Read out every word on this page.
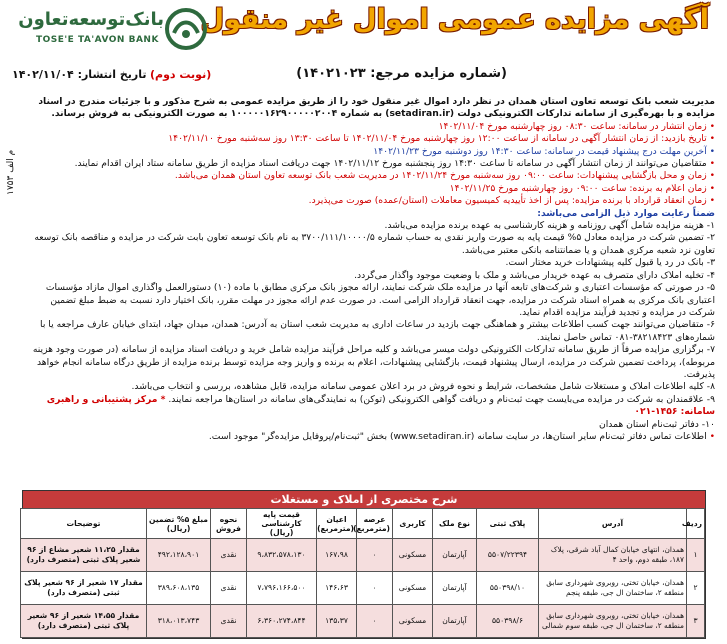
آگهی مزایده عمومی اموال غیر منقول
بانک‌توسعه‌تعاون
TOSE'E TA'AVON BANK
(شماره مزایده مرجع: ۱۴۰۲۱۰۲۳)
(نوبت دوم)
تاریخ انتشار: ۱۴۰۲/۱۱/۰۴
م الف ۱۷۵۳

مدیریت شعب بانک توسعه تعاون استان همدان در نظر دارد اموال غیر منقول خود را از طریق مزایده عمومی به شرح مذکور و با جزئیات مندرج در اسناد مزایده و با بهره‌گیری از سامانه تدارکات الکترونیکی دولت (setadiran.ir) به شماره ۱۰۰۰۰۰۱۶۲۹۰۰۰۰۰۲۰۰۴ به صورت الکترونیکی به فروش برساند.

• زمان انتشار در سامانه: ساعت ۰۸:۳۰ روز چهارشنبه مورخ ۱۴۰۲/۱۱/۰۴

• تاریخ بازدید: از زمان انتشار آگهی در سامانه از ساعت ۱۲:۰۰ روز چهارشنبه مورخ ۱۴۰۲/۱۱/۰۴ تا ساعت ۱۳:۳۰ روز سه‌شنبه مورخ ۱۴۰۲/۱۱/۱۰

• آخرین مهلت درج پیشنهاد قیمت در سامانه: ساعت ۱۴:۳۰ روز دوشنبه مورخ ۱۴۰۲/۱۱/۲۳

• متقاضیان می‌توانند از زمان انتشار آگهی در سامانه تا ساعت ۱۴:۳۰ روز پنجشنبه مورخ ۱۴۰۲/۱۱/۱۲ جهت دریافت اسناد مزایده از طریق سامانه ستاد ایران اقدام نمایند.

• زمان و محل بازگشایی پیشنهادات: ساعت ۰۹:۰۰ روز سه‌شنبه مورخ ۱۴۰۲/۱۱/۲۴ در مدیریت شعب بانک توسعه تعاون استان همدان می‌باشد.

• زمان اعلام به برنده: ساعت ۰۹:۰۰ روز چهارشنبه مورخ ۱۴۰۲/۱۱/۲۵

• زمان انعقاد قرارداد با برنده مزایده: پس از اخذ تأییدیه کمیسیون معاملات (استان/عمده) صورت می‌پذیرد.

ضمناً رعایت موارد ذیل الزامی می‌باشد:

۱- هزینه مزایده شامل آگهی روزنامه و هزینه کارشناسی به عهده برنده مزایده می‌باشد.

۲- تضمین شرکت در مزایده معادل ۵% قیمت پایه به صورت واریز نقدی به حساب شماره ۳۷۰۰/۱۱۱/۱۰۰۰۰/۵ به نام بانک توسعه تعاون بابت شرکت در مزایده و مناقصه بانک توسعه تعاون نزد شعبه مرکزی همدان و یا ضمانتنامه بانکی معتبر می‌باشد.

۳- بانک در رد یا قبول کلیه پیشنهادات خرید مختار است.

۴- تخلیه املاک دارای متصرف به عهده خریدار می‌باشد و ملک با وضعیت موجود واگذار می‌گردد.

۵- در صورتی که مؤسسات اعتباری و شرکت‌های تابعه آنها در مزایده ملک شرکت نمایند، ارائه مجوز بانک مرکزی مطابق با ماده (۱۰) دستورالعمل واگذاری اموال مازاد مؤسسات اعتباری بانک مرکزی به همراه اسناد شرکت در مزایده، جهت انعقاد قرارداد الزامی است. در صورت عدم ارائه مجوز در مهلت مقرر، بانک اختیار دارد نسبت به ضبط مبلغ تضمین شرکت در مزایده و تجدید فرآیند مزایده اقدام نماید.

۶- متقاضیان می‌توانند جهت کسب اطلاعات بیشتر و هماهنگی جهت بازدید در ساعات اداری به مدیریت شعب استان به آدرس: همدان، میدان جهاد، ابتدای خیابان عارف مراجعه یا با شماره‌های ۳۸۲۱۸۴۲۳-۰۸۱ تماس حاصل نمایند.

۷- برگزاری مزایده صرفاً از طریق سامانه تدارکات الکترونیکی دولت میسر می‌باشد و کلیه مراحل فرآیند مزایده شامل خرید و دریافت اسناد مزایده از سامانه (در صورت وجود هزینه مربوطه)، پرداخت تضمین شرکت در مزایده، ارسال پیشنهاد قیمت، بازگشایی پیشنهادات، اعلام به برنده و واریز وجه مزایده توسط برنده مزایده از طریق درگاه سامانه انجام خواهد پذیرفت.

۸- کلیه اطلاعات املاک و مستغلات شامل مشخصات، شرایط و نحوه فروش در برد اعلان عمومی سامانه مزایده، قابل مشاهده، بررسی و انتخاب می‌باشد.

۹- علاقمندان به شرکت در مزایده می‌بایست جهت ثبت‌نام و دریافت گواهی الکترونیکی (توکن) به نمایندگی‌های سامانه در استان‌ها مراجعه نمایند. * مرکز پشتیبانی و راهبری سامانه: ۱۴۵۶-۰۲۱

۱۰- دفاتر ثبت‌نام استان همدان

• اطلاعات تماس دفاتر ثبت‌نام سایر استان‌ها، در سایت سامانه (www.setadiran.ir) بخش "ثبت‌نام/پروفایل مزایده‌گر" موجود است.

شرح مختصری از املاک و مستغلات
ردیف	آدرس	پلاک ثبتی	نوع ملک	کاربری	عرصه (مترمربع)	اعیان (مترمربع)	قیمت پایه کارشناسی (ریال)	نحوه فروش	مبلغ ۵% تضمین (ریال)	توضیحات
۱	همدان، انتهای خیابان کمال آباد شرقی، پلاک ۱۸۷، طبقه دوم، واحد ۴	۵۵۰۷/۲۲۳۹۴	آپارتمان	مسکونی	۰	۱۶۷،۹۸	۹،۸۳۲،۵۷۸،۱۳۰	نقدی	۴۹۲،۱۲۸،۹۰۱	مقدار ۱۱،۲۵ شعیر مشاع از ۹۶ شعیر پلاک ثبتی (متصرف دارد)
۲	همدان، خیابان تختی، روبروی شهرداری سابق منطقه ۲، ساختمان ال جی، طبقه پنجم	۵۵۰۳۹۸/۱۰	آپارتمان	مسکونی	۰	۱۴۶،۶۳	۷،۷۹۶،۱۶۶،۵۰۰	نقدی	۳۸۹،۶۰۸،۱۳۵	مقدار ۱۷ شعیر از ۹۶ شعیر پلاک ثبتی (متصرف دارد)
۳	همدان، خیابان تختی، روبروی شهرداری سابق منطقه ۲، ساختمان ال جی، طبقه سوم شمالی	۵۵۰۳۹۸/۶	آپارتمان	مسکونی	۰	۱۳۵،۳۷	۶،۳۶۰،۲۷۴،۸۴۴	نقدی	۳۱۸،۰۱۳،۷۴۳	مقدار ۱۴،۵۵ شعیر از ۹۶ شعیر پلاک ثبتی (متصرف دارد)
